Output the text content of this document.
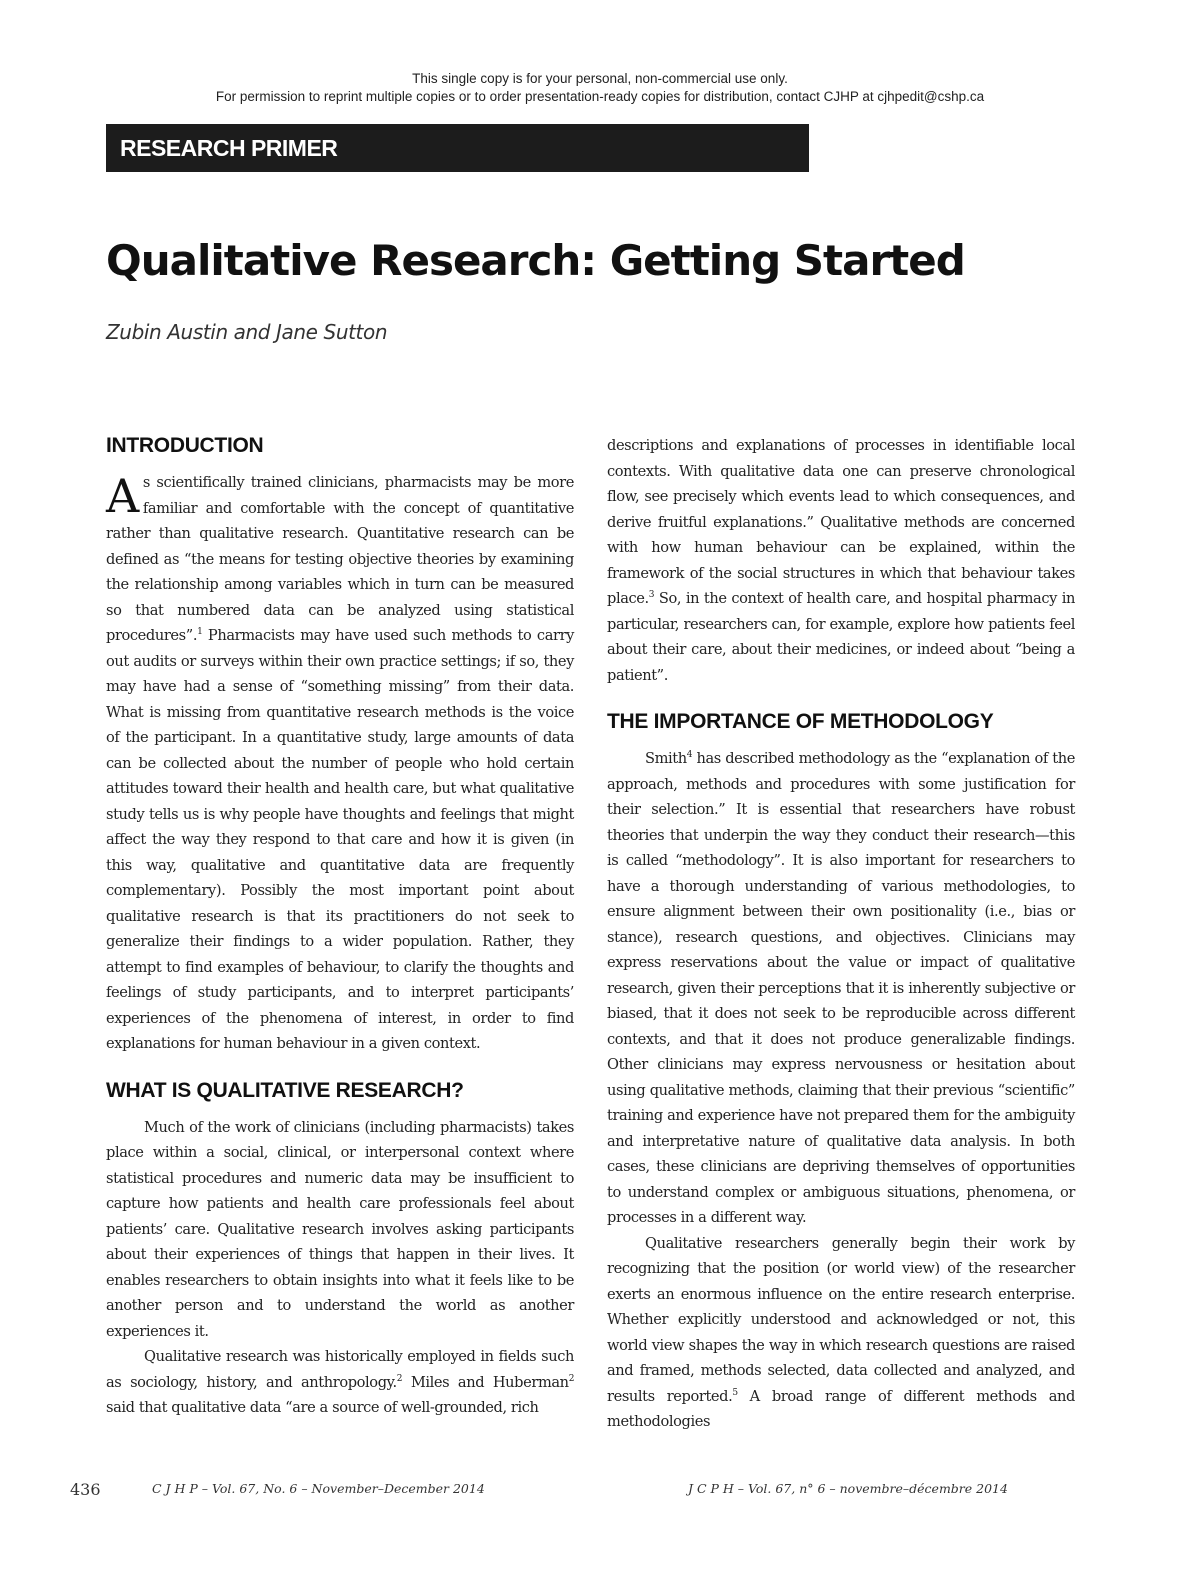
This single copy is for your personal, non-commercial use only.
For permission to reprint multiple copies or to order presentation-ready copies for distribution, contact CJHP at cjhpedit@cshp.ca
RESEARCH PRIMER
Qualitative Research: Getting Started

Zubin Austin and Jane Sutton

INTRODUCTION

As scientifically trained clinicians, pharmacists may be more familiar and comfortable with the concept of quantitative rather than qualitative research. Quantitative research can be defined as “the means for testing objective theories by examining the relationship among variables which in turn can be measured so that numbered data can be analyzed using statistical procedures”.$^1$ Pharmacists may have used such methods to carry out audits or surveys within their own practice settings; if so, they may have had a sense of “something missing” from their data. What is missing from quantitative research methods is the voice of the participant. In a quantitative study, large amounts of data can be collected about the number of people who hold certain attitudes toward their health and health care, but what qualitative study tells us is why people have thoughts and feelings that might affect the way they respond to that care and how it is given (in this way, qualitative and quantitative data are frequently complementary). Possibly the most important point about qualitative research is that its practitioners do not seek to generalize their findings to a wider population. Rather, they attempt to find examples of behaviour, to clarify the thoughts and feelings of study participants, and to interpret participants’ experiences of the phenomena of interest, in order to find explanations for human behaviour in a given context.

WHAT IS QUALITATIVE RESEARCH?

Much of the work of clinicians (including pharmacists) takes place within a social, clinical, or interpersonal context where statistical procedures and numeric data may be insufficient to capture how patients and health care professionals feel about patients’ care. Qualitative research involves asking participants about their experiences of things that happen in their lives. It enables researchers to obtain insights into what it feels like to be another person and to understand the world as another experiences it.

Qualitative research was historically employed in fields such as sociology, history, and anthropology.$^2$ Miles and Huberman$^2$ said that qualitative data “are a source of well-grounded, rich

descriptions and explanations of processes in identifiable local contexts. With qualitative data one can preserve chronological flow, see precisely which events lead to which consequences, and derive fruitful explanations.” Qualitative methods are concerned with how human behaviour can be explained, within the framework of the social structures in which that behaviour takes place.$^3$ So, in the context of health care, and hospital pharmacy in particular, researchers can, for example, explore how patients feel about their care, about their medicines, or indeed about “being a patient”.

THE IMPORTANCE OF METHODOLOGY

Smith$^4$ has described methodology as the “explanation of the approach, methods and procedures with some justification for their selection.” It is essential that researchers have robust theories that underpin the way they conduct their research—this is called “methodology”. It is also important for researchers to have a thorough understanding of various methodologies, to ensure alignment between their own positionality (i.e., bias or stance), research questions, and objectives. Clinicians may express reservations about the value or impact of qualitative research, given their perceptions that it is inherently subjective or biased, that it does not seek to be reproducible across different contexts, and that it does not produce generalizable findings. Other clinicians may express nervousness or hesitation about using qualitative methods, claiming that their previous “scientific” training and experience have not prepared them for the ambiguity and interpretative nature of qualitative data analysis. In both cases, these clinicians are depriving themselves of opportunities to understand complex or ambiguous situations, phenomena, or processes in a different way.

Qualitative researchers generally begin their work by recognizing that the position (or world view) of the researcher exerts an enormous influence on the entire research enterprise. Whether explicitly understood and acknowledged or not, this world view shapes the way in which research questions are raised and framed, methods selected, data collected and analyzed, and results reported.$^5$ A broad range of different methods and methodologies

436	C J H P – Vol. 67, No. 6 – November–December 2014	J C P H – Vol. 67, n° 6 – novembre–décembre 2014
